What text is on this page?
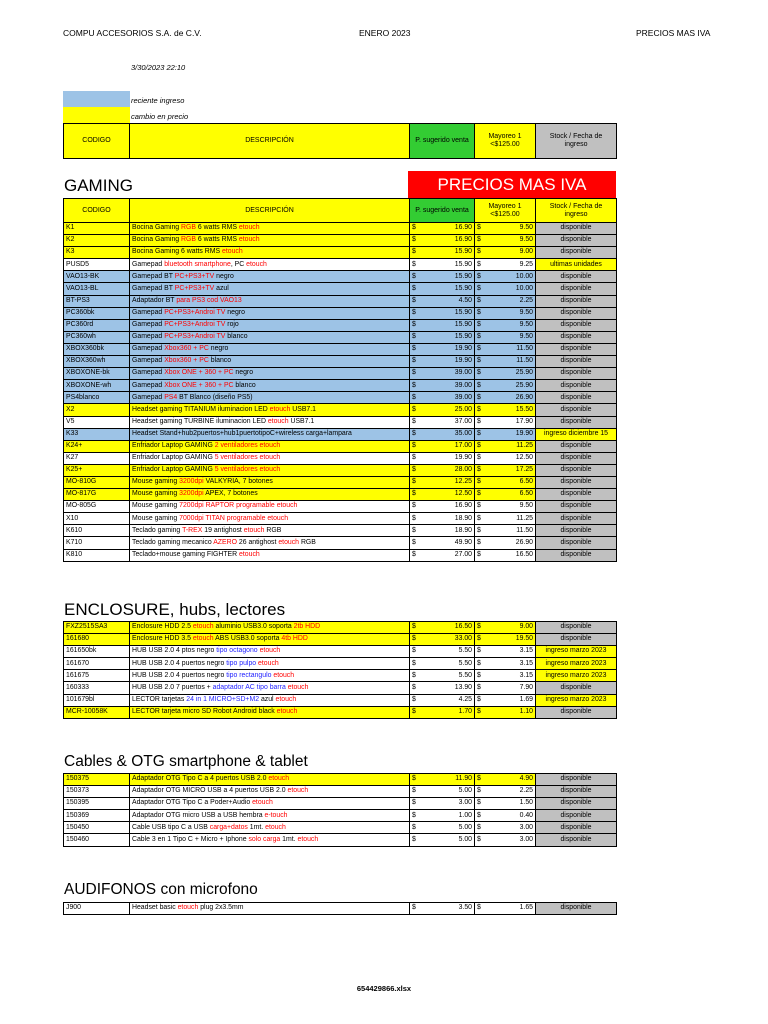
COMPU ACCESORIOS S.A. de C.V.	ENERO 2023	PRECIOS MAS IVA
3/30/2023 22:10
reciente ingreso
cambio en precio
CODIGO	DESCRIPCIÓN	P. sugerido venta	Mayoreo 1 <$125.00	Stock / Fecha de ingreso
GAMING	PRECIOS MAS IVA
CODIGO	DESCRIPCIÓN	P. sugerido venta	Mayoreo 1 <$125.00	Stock / Fecha de ingreso
K1	Bocina Gaming RGB 6 watts RMS etouch	$ 16.90	$ 9.50	disponible
K2	Bocina Gaming RGB 6 watts RMS etouch	$ 16.90	$ 9.50	disponible
K3	Bocina Gaming 6 watts RMS etouch	$ 15.90	$ 9.00	disponible
PUSD5	Gamepad bluetooth smartphone, PC etouch	$ 15.90	$ 9.25	ultimas unidades
VAO13-BK	Gamepad BT PC+PS3+TV negro	$ 15.90	$ 10.00	disponible
VAO13-BL	Gamepad BT PC+PS3+TV azul	$ 15.90	$ 10.00	disponible
BT-PS3	Adaptador BT para PS3 cod VAO13	$ 4.50	$ 2.25	disponible
PC360bk	Gamepad PC+PS3+Androi TV negro	$ 15.90	$ 9.50	disponible
PC360rd	Gamepad PC+PS3+Androi TV rojo	$ 15.90	$ 9.50	disponible
PC360wh	Gamepad PC+PS3+Androi TV blanco	$ 15.90	$ 9.50	disponible
XBOX360bk	Gamepad Xbox360 + PC negro	$ 19.90	$ 11.50	disponible
XBOX360wh	Gamepad Xbox360 + PC blanco	$ 19.90	$ 11.50	disponible
XBOXONE-bk	Gamepad Xbox ONE + 360 + PC negro	$ 39.00	$ 25.90	disponible
XBOXONE-wh	Gamepad Xbox ONE + 360 + PC blanco	$ 39.00	$ 25.90	disponible
PS4blanco	Gamepad PS4 BT Blanco (diseño PS5)	$ 39.00	$ 26.90	disponible
X2	Headset gaming TITANIUM iluminacion LED etouch USB7.1	$ 25.00	$ 15.50	disponible
V5	Headset gaming TURBINE iluminacion LED etouch USB7.1	$ 37.00	$ 17.90	disponible
K33	Headset Stand+hub2puertos+hub1puertotipoC+wireless carga+lampara	$ 35.00	$ 19.90	ingreso diciembre 15
K24+	Enfriador Laptop GAMING 2 ventiladores etouch	$ 17.00	$ 11.25	disponible
K27	Enfriador Laptop GAMING 5 ventiladores etouch	$ 19.90	$ 12.50	disponible
K25+	Enfriador Laptop GAMING 5 ventiladores etouch	$ 28.00	$ 17.25	disponible
MO-810G	Mouse gaming 3200dpi VALKYRIA, 7 botones	$ 12.25	$ 6.50	disponible
MO-817G	Mouse gaming 3200dpi APEX, 7 botones	$ 12.50	$ 6.50	disponible
MO-805G	Mouse gaming 7200dpi RAPTOR programable etouch	$ 16.90	$ 9.50	disponible
X10	Mouse gaming 7000dpi TITAN programable etouch	$ 18.90	$ 11.25	disponible
K610	Teclado gaming T-REX 19 antighost etouch RGB	$ 18.90	$ 11.50	disponible
K710	Teclado gaming mecanico AZERO 26 antighost etouch RGB	$ 49.90	$ 26.90	disponible
K810	Teclado+mouse gaming FIGHTER etouch	$ 27.00	$ 16.50	disponible
ENCLOSURE, hubs, lectores
FXZ2515SA3	Enclosure HDD 2.5 etouch aluminio USB3.0 soporta 2tb HDD	$ 16.50	$ 9.00	disponible
161680	Enclosure HDD 3.5 etouch ABS USB3.0 soporta 4tb HDD	$ 33.00	$ 19.50	disponible
161650bk	HUB USB 2.0 4 ptos negro tipo octagono etouch	$ 5.50	$ 3.15	ingreso marzo 2023
161670	HUB USB 2.0 4 puertos negro tipo pulpo etouch	$ 5.50	$ 3.15	ingreso marzo 2023
161675	HUB USB 2.0 4 puertos negro tipo rectangulo etouch	$ 5.50	$ 3.15	ingreso marzo 2023
160333	HUB USB 2.0 7 puertos + adaptador AC tipo barra etouch	$ 13.90	$ 7.90	disponible
101679bl	LECTOR tarjetas 24 in 1 MICRO+SD+M2 azul etouch	$ 4.25	$ 1.69	ingreso marzo 2023
MCR-10058K	LECTOR tarjeta micro SD Robot Android black etouch	$ 1.70	$ 1.10	disponible
Cables & OTG smartphone & tablet
150375	Adaptador OTG Tipo C a 4 puertos USB 2.0 etouch	$ 11.90	$ 4.90	disponible
150373	Adaptador OTG MICRO USB a 4 puertos USB 2.0 etouch	$ 5.00	$ 2.25	disponible
150395	Adaptador OTG Tipo C a Poder+Audio etouch	$ 3.00	$ 1.50	disponible
150369	Adaptador OTG micro USB a USB hembra e-touch	$ 1.00	$ 0.40	disponible
150450	Cable USB tipo C a USB carga+datos 1mt. etouch	$ 5.00	$ 3.00	disponible
150460	Cable 3 en 1 Tipo C + Micro + Iphone solo carga 1mt. etouch	$ 5.00	$ 3.00	disponible
AUDIFONOS con microfono
J900	Headset basic etouch plug 2x3.5mm	$	3.50	$	1.65	disponible
654429866.xlsx
